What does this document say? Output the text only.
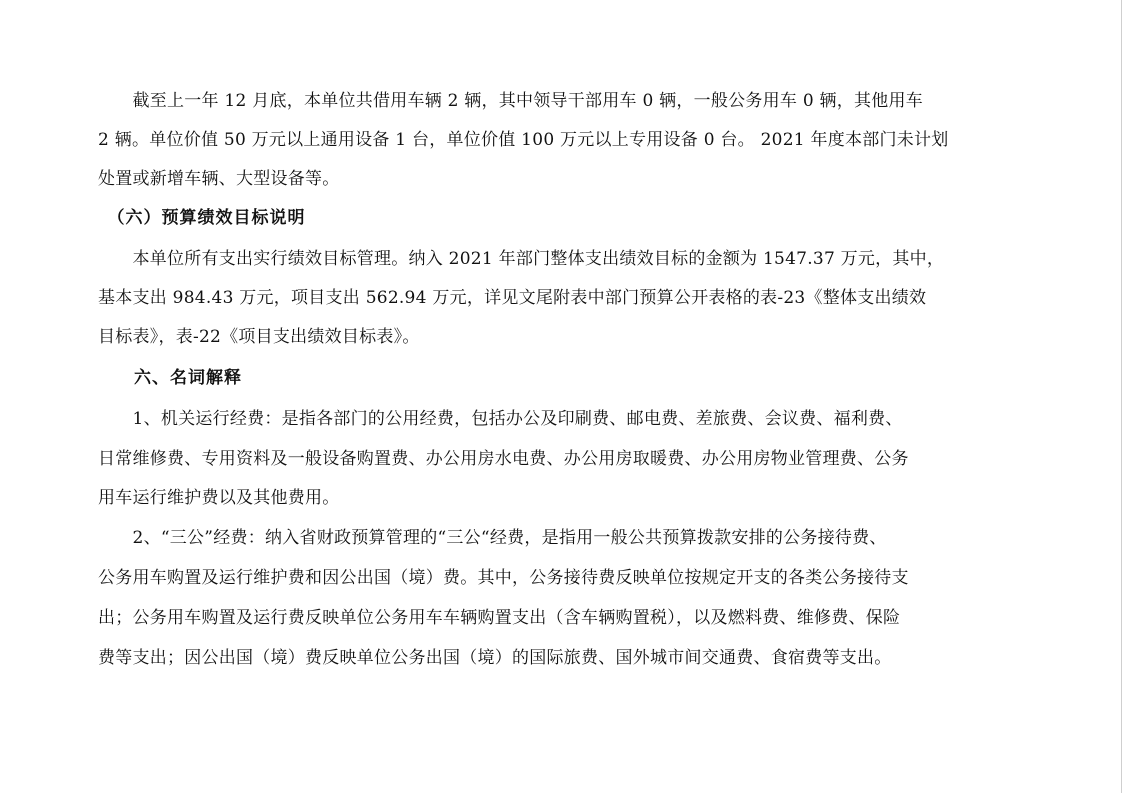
　　截至上一年 12 月底，本单位共借用车辆 2 辆，其中领导干部用车 0 辆，一般公务用车 0 辆，其他用车
2 辆。单位价值 50 万元以上通用设备 1 台，单位价值 100 万元以上专用设备 0 台。 2021 年度本部门未计划
处置或新增车辆、大型设备等。
　（六）预算绩效目标说明
　　本单位所有支出实行绩效目标管理。纳入 2021 年部门整体支出绩效目标的金额为 1547.37 万元，其中，
基本支出 984.43 万元，项目支出 562.94 万元，详见文尾附表中部门预算公开表格的表-23《整体支出绩效
目标表》，表-22《项目支出绩效目标表》。
　　六、名词解释
　　1、机关运行经费：是指各部门的公用经费，包括办公及印刷费、邮电费、差旅费、会议费、福利费、
日常维修费、专用资料及一般设备购置费、办公用房水电费、办公用房取暖费、办公用房物业管理费、公务
用车运行维护费以及其他费用。
　　2、“三公”经费：纳入省财政预算管理的“三公“经费，是指用一般公共预算拨款安排的公务接待费、
公务用车购置及运行维护费和因公出国（境）费。其中，公务接待费反映单位按规定开支的各类公务接待支
出；公务用车购置及运行费反映单位公务用车车辆购置支出（含车辆购置税），以及燃料费、维修费、保险
费等支出；因公出国（境）费反映单位公务出国（境）的国际旅费、国外城市间交通费、食宿费等支出。
